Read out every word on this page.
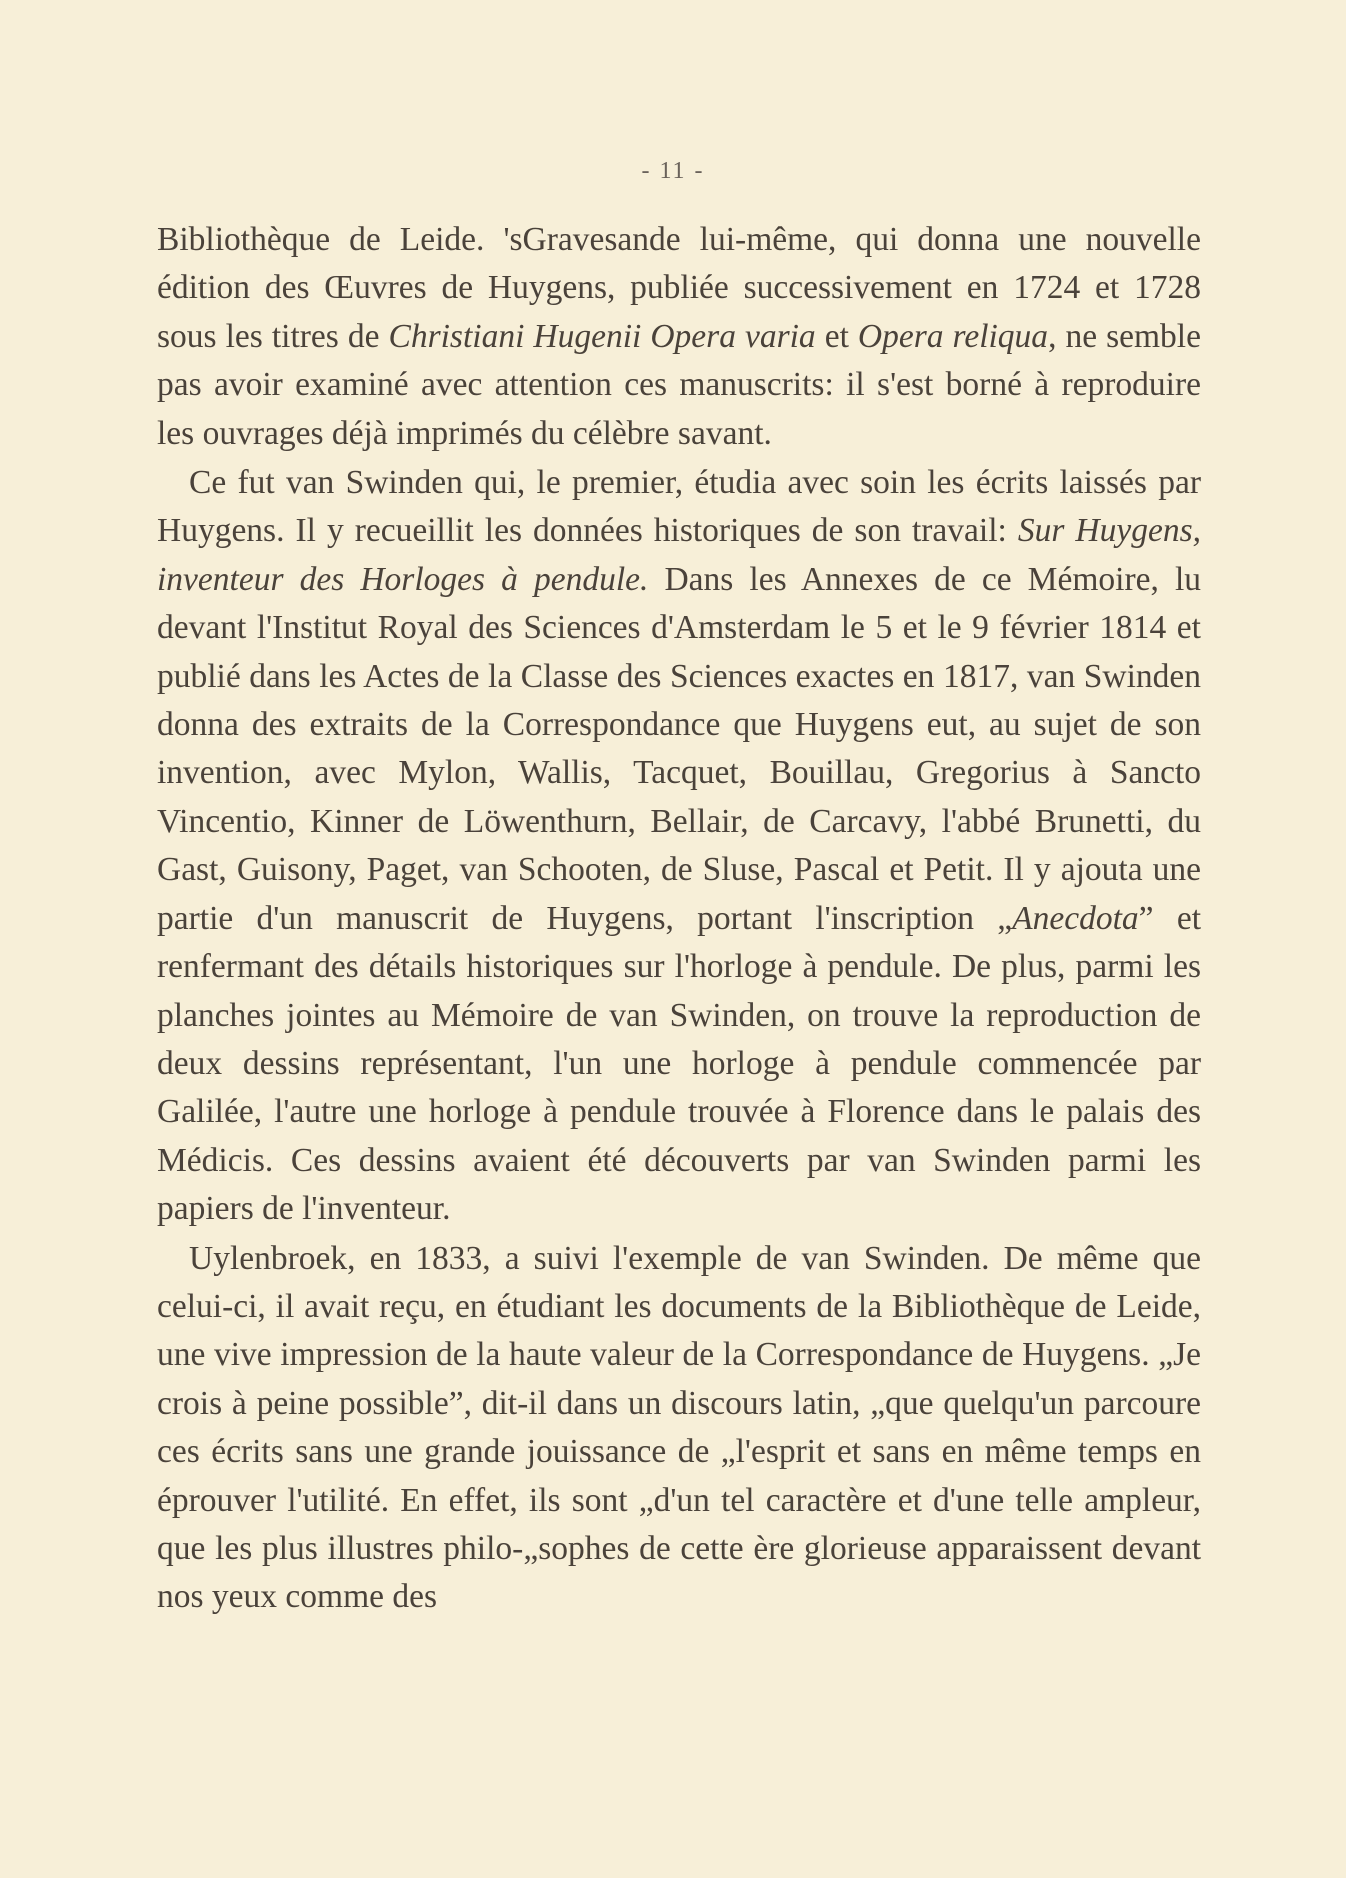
- 11 -

Bibliothèque de Leide. 'sGravesande lui-même, qui donna une nouvelle édition des Œuvres de Huygens, publiée successivement en 1724 et 1728 sous les titres de Christiani Hugenii Opera varia et Opera reliqua, ne semble pas avoir examiné avec attention ces manuscrits: il s'est borné à reproduire les ouvrages déjà imprimés du célèbre savant.

Ce fut van Swinden qui, le premier, étudia avec soin les écrits laissés par Huygens. Il y recueillit les données historiques de son travail: Sur Huygens, inventeur des Horloges à pendule. Dans les Annexes de ce Mémoire, lu devant l'Institut Royal des Sciences d'Amsterdam le 5 et le 9 février 1814 et publié dans les Actes de la Classe des Sciences exactes en 1817, van Swinden donna des extraits de la Correspondance que Huygens eut, au sujet de son invention, avec Mylon, Wallis, Tacquet, Bouillau, Gregorius à Sancto Vincentio, Kinner de Löwenthurn, Bellair, de Carcavy, l'abbé Brunetti, du Gast, Guisony, Paget, van Schooten, de Sluse, Pascal et Petit. Il y ajouta une partie d'un manuscrit de Huygens, portant l'inscription „Anecdota” et renfermant des détails historiques sur l'horloge à pendule. De plus, parmi les planches jointes au Mémoire de van Swinden, on trouve la reproduction de deux dessins représentant, l'un une horloge à pendule commencée par Galilée, l'autre une horloge à pendule trouvée à Florence dans le palais des Médicis. Ces dessins avaient été découverts par van Swinden parmi les papiers de l'inventeur.

Uylenbroek, en 1833, a suivi l'exemple de van Swinden. De même que celui-ci, il avait reçu, en étudiant les documents de la Bibliothèque de Leide, une vive impression de la haute valeur de la Correspondance de Huygens. „Je crois à peine possible”, dit-il dans un discours latin, „que quelqu'un parcoure ces écrits sans une grande jouissance de „l'esprit et sans en même temps en éprouver l'utilité. En effet, ils sont „d'un tel caractère et d'une telle ampleur, que les plus illustres philo-„sophes de cette ère glorieuse apparaissent devant nos yeux comme des
